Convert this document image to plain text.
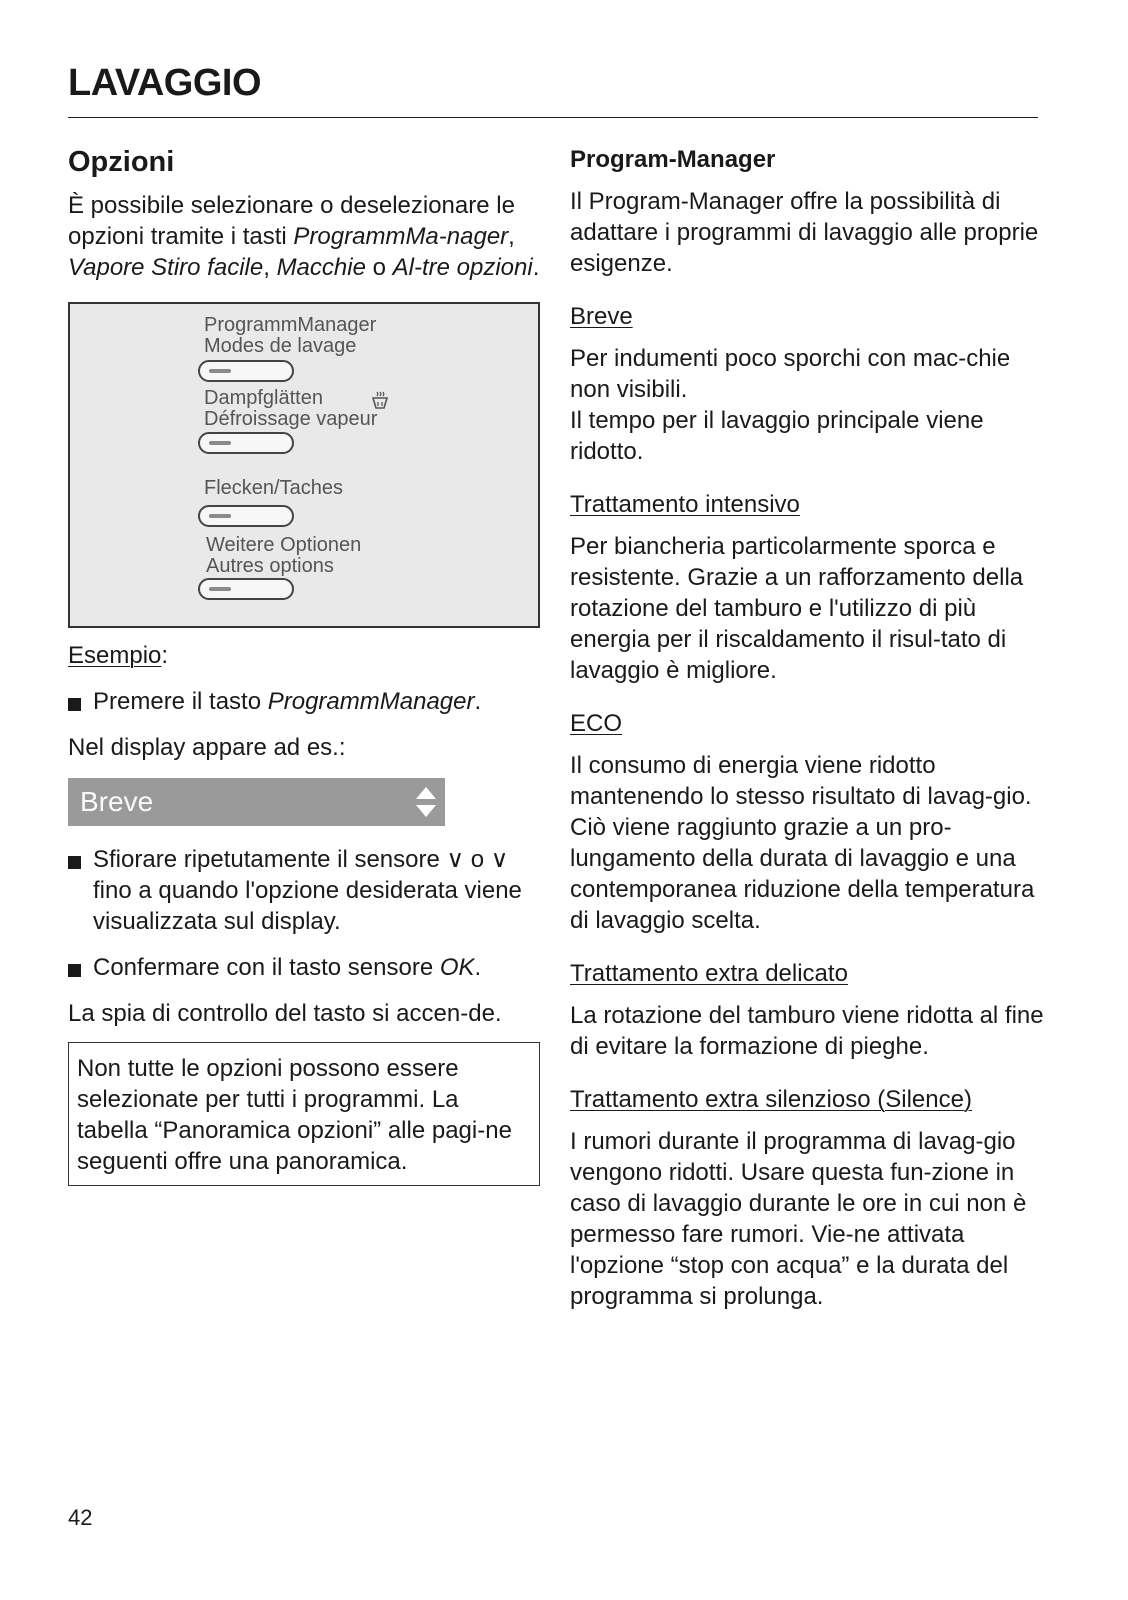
LAVAGGIO
Opzioni

È possibile selezionare o deselezionare le opzioni tramite i tasti ProgrammMa-nager, Vapore Stiro facile, Macchie o Al-tre opzioni.

ProgrammManager
Modes de lavage
Dampfglätten
Défroissage vapeur
Flecken/Taches
Weitere Optionen
Autres options

Esempio:

Premere il tasto ProgrammManager.

Nel display appare ad es.:

Breve

Sfiorare ripetutamente il sensore ∨ o ∨ fino a quando l'opzione desiderata viene visualizzata sul display.

Confermare con il tasto sensore OK.

La spia di controllo del tasto si accen-de.

Non tutte le opzioni possono essere selezionate per tutti i programmi. La tabella “Panoramica opzioni” alle pagi-ne seguenti offre una panoramica.

Program-Manager

Il Program-Manager offre la possibilità di adattare i programmi di lavaggio alle proprie esigenze.

Breve

Per indumenti poco sporchi con mac-chie non visibili.
Il tempo per il lavaggio principale viene ridotto.

Trattamento intensivo

Per biancheria particolarmente sporca e resistente. Grazie a un rafforzamento della rotazione del tamburo e l'utilizzo di più energia per il riscaldamento il risul-tato di lavaggio è migliore.

ECO

Il consumo di energia viene ridotto mantenendo lo stesso risultato di lavag-gio. Ciò viene raggiunto grazie a un pro-lungamento della durata di lavaggio e una contemporanea riduzione della temperatura di lavaggio scelta.

Trattamento extra delicato

La rotazione del tamburo viene ridotta al fine di evitare la formazione di pieghe.

Trattamento extra silenzioso (Silence)

I rumori durante il programma di lavag-gio vengono ridotti. Usare questa fun-zione in caso di lavaggio durante le ore in cui non è permesso fare rumori. Vie-ne attivata l'opzione “stop con acqua” e la durata del programma si prolunga.

42
